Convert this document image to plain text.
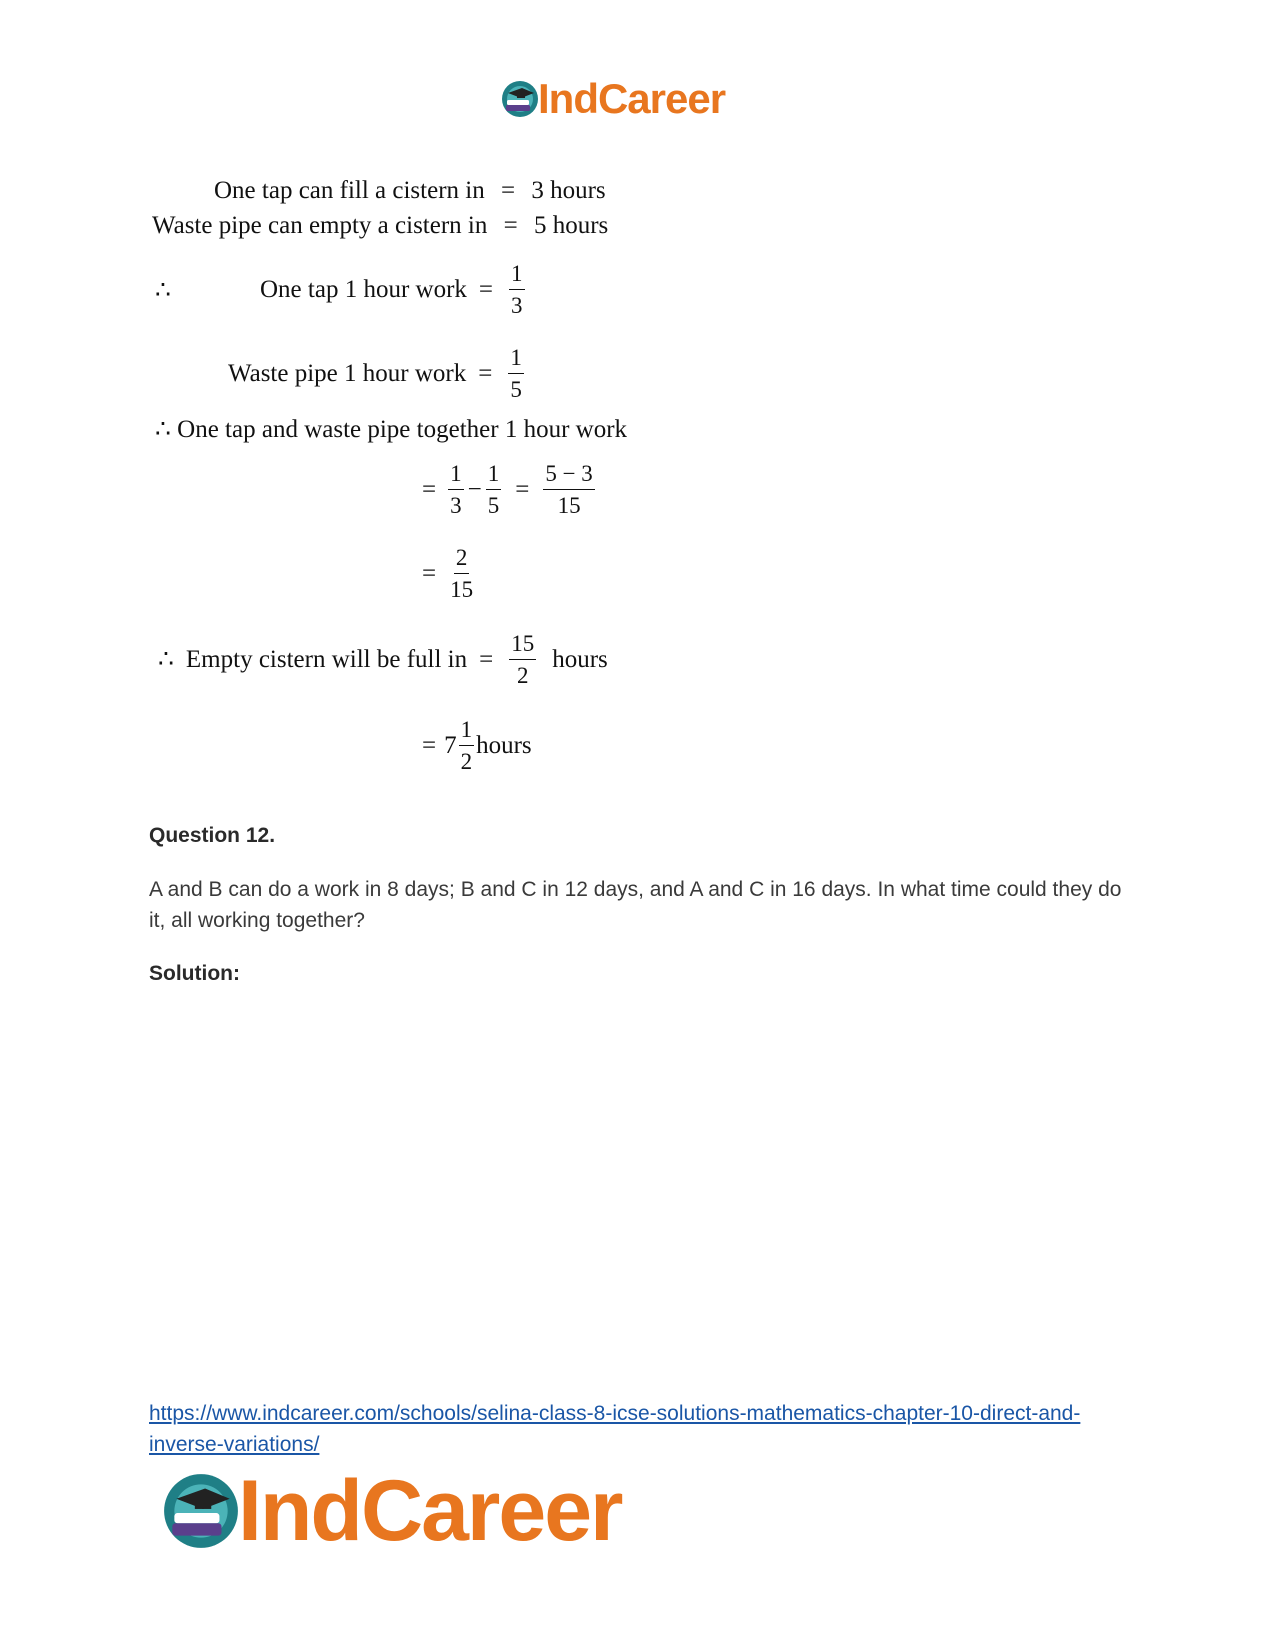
IndCareer
One tap can fill a cistern in = 3 hours
Waste pipe can empty a cistern in = 5 hours
∴	One tap 1 hour work = $\frac{1}{3}$
Waste pipe 1 hour work = $\frac{1}{5}$
∴ One tap and waste pipe together 1 hour work
= $\frac{1}{3} - \frac{1}{5} = \frac{5 - 3}{15}$
= $\frac{2}{15}$
∴ Empty cistern will be full in = $\frac{15}{2}$ hours
= $7 \frac{1}{2}$ hours
Question 12.
A and B can do a work in 8 days; B and C in 12 days, and A and C in 16 days. In what time could they do it, all working together?
Solution:
https://www.indcareer.com/schools/selina-class-8-icse-solutions-mathematics-chapter-10-direct-and-inverse-variations/
IndCareer
